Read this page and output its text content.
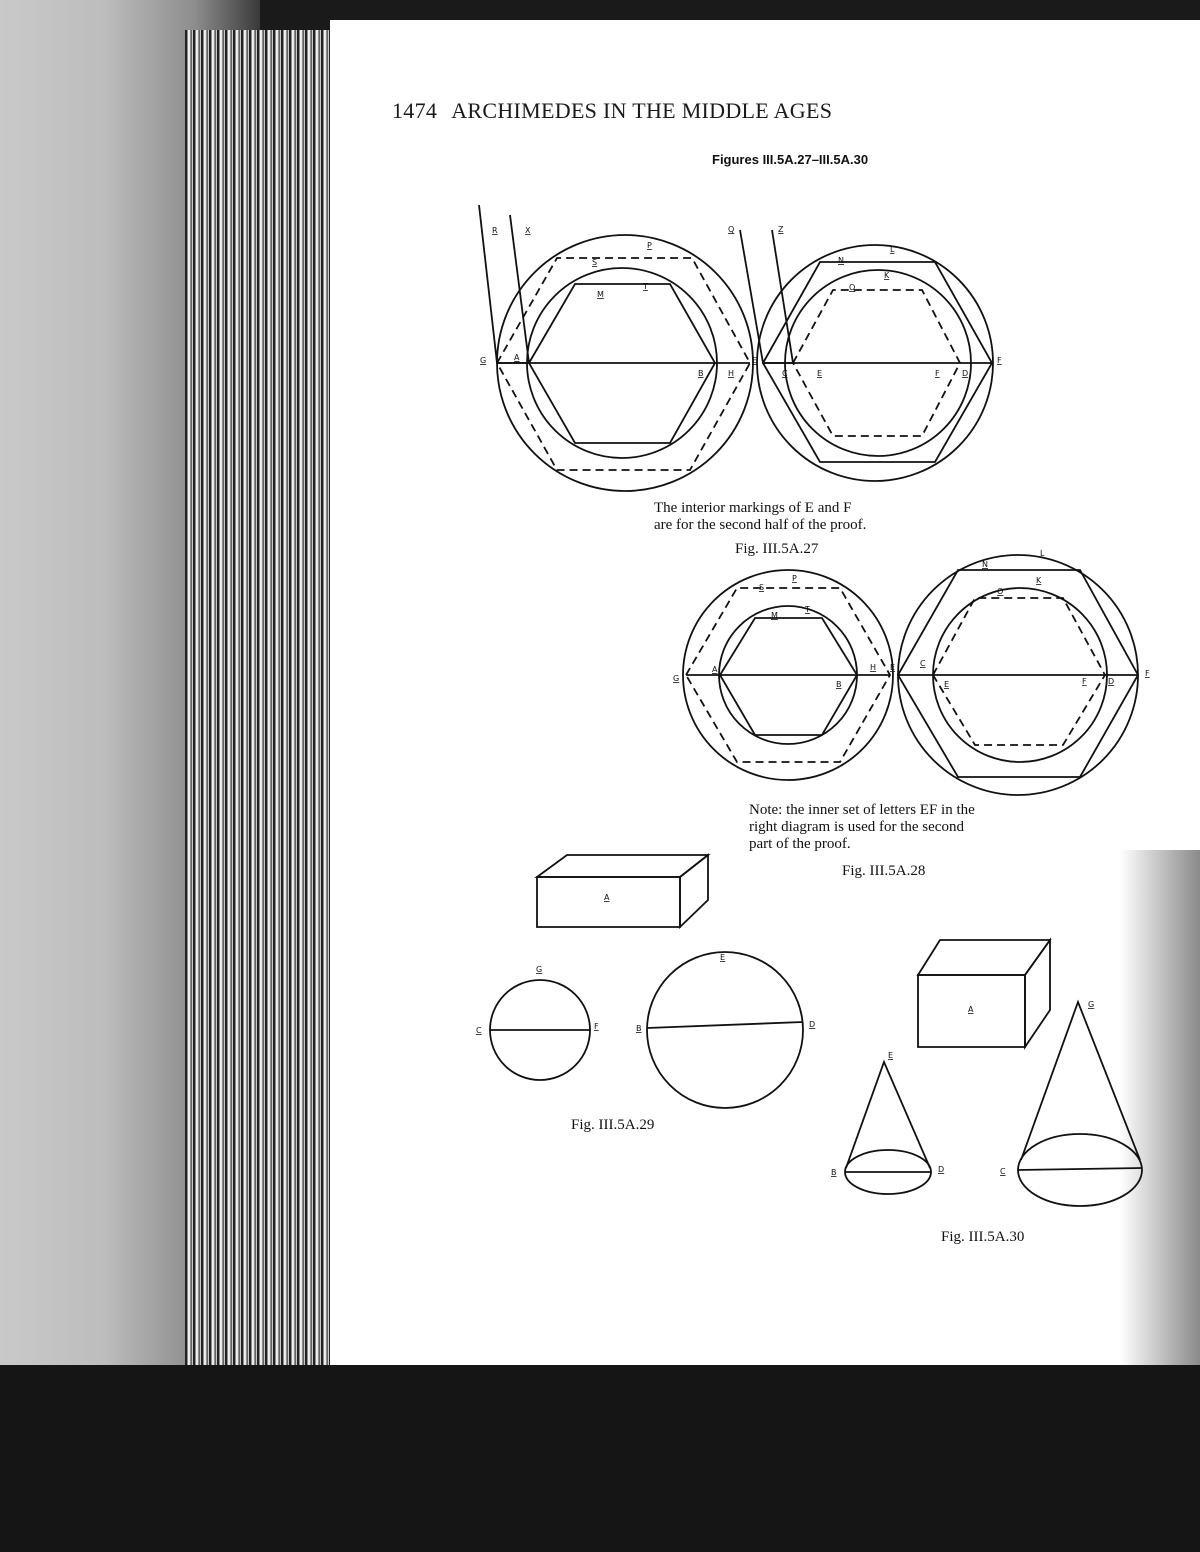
1474 ARCHIMEDES IN THE MIDDLE AGES
Figures III.5A.27–III.5A.30
R	X
P
S
M
T
G	A
B	H
Q	Z
L
N
K
O
E
C	E	F	D
F
S
P
M
T
G
A
B
H E
L
N
K
O
C
E	F	D
F
A
G
C	F
E
B	D
A
E
G
B	D	C
The interior markings of E and F
are for the second half of the proof.
Fig. III.5A.27
Note: the inner set of letters EF in the
right diagram is used for the second
part of the proof.
Fig. III.5A.28
Fig. III.5A.29
Fig. III.5A.30
